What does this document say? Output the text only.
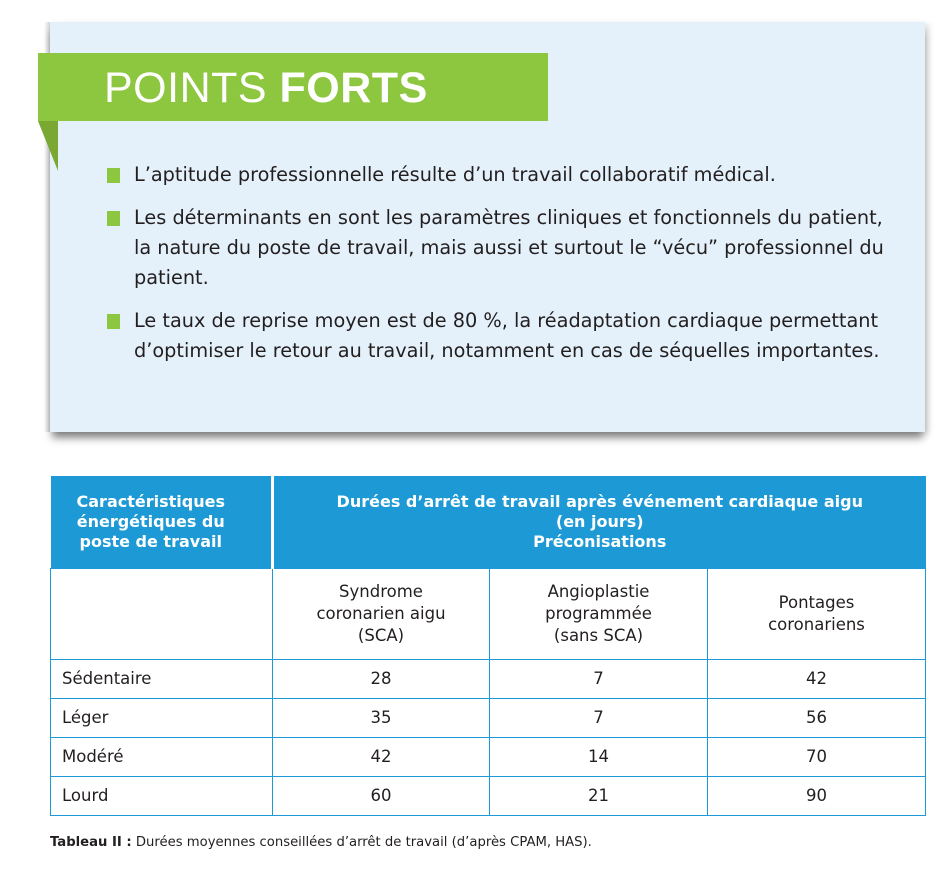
POINTS FORTS
L’aptitude professionnelle résulte d’un travail collaboratif médical.
Les déterminants en sont les paramètres cliniques et fonctionnels du patient, la nature du poste de travail, mais aussi et surtout le “vécu” professionnel du patient.
Le taux de reprise moyen est de 80 %, la réadaptation cardiaque permettant d’optimiser le retour au travail, notamment en cas de séquelles importantes.
Caractéristiques énergétiques du poste de travail	Durées d’arrêt de travail après événement cardiaque aigu
(en jours)
Préconisations		

	Syndrome coronarien aigu (SCA)	Angioplastie programmée (sans SCA)	Pontages coronariens
Sédentaire	28	7	42
Léger	35	7	56
Modéré	42	14	70
Lourd	60	21	90
Tableau II : Durées moyennes conseillées d’arrêt de travail (d’après CPAM, HAS).
